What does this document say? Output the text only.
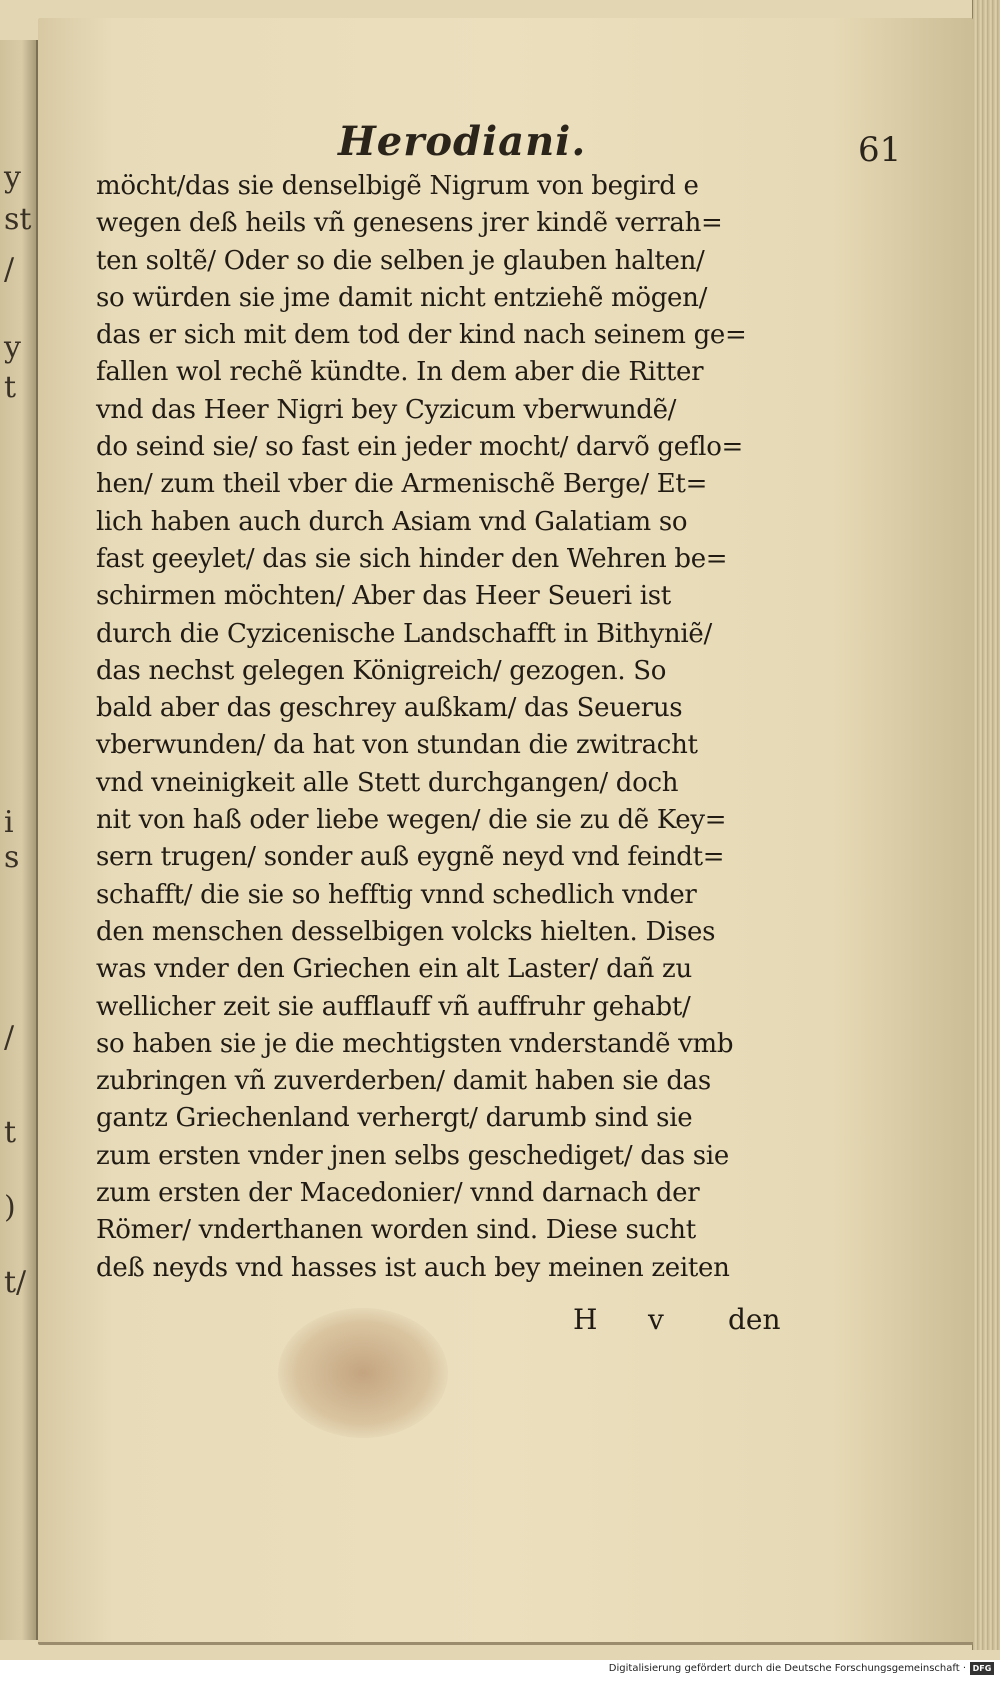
y
st
/
y
t
i
s
/
t
)
t/
Herodiani.	61
möcht/das sie denselbigẽ Nigrum von begird e
wegen deß heils vñ genesens jrer kindẽ verrah=
ten soltẽ/ Oder so die selben je glauben halten/
so würden sie jme damit nicht entziehẽ mögen/
das er sich mit dem tod der kind nach seinem ge=
fallen wol rechẽ kündte. In dem aber die Ritter
vnd das Heer Nigri bey Cyzicum vberwundẽ/
do seind sie/ so fast ein jeder mocht/ darvõ geflo=
hen/ zum theil vber die Armenischẽ Berge/ Et=
lich haben auch durch Asiam vnd Galatiam so
fast geeylet/ das sie sich hinder den Wehren be=
schirmen möchten/ Aber das Heer Seueri ist
durch die Cyzicenische Landschafft in Bithyniẽ/
das nechst gelegen Königreich/ gezogen. So
bald aber das geschrey außkam/ das Seuerus
vberwunden/ da hat von stundan die zwitracht
vnd vneinigkeit alle Stett durchgangen/ doch
nit von haß oder liebe wegen/ die sie zu dẽ Key=
sern trugen/ sonder auß eygnẽ neyd vnd feindt=
schafft/ die sie so hefftig vnnd schedlich vnder
den menschen desselbigen volcks hielten. Dises
was vnder den Griechen ein alt Laster/ dañ zu
wellicher zeit sie aufflauff vñ auffruhr gehabt/
so haben sie je die mechtigsten vnderstandẽ vmb
zubringen vñ zuverderben/ damit haben sie das
gantz Griechenland verhergt/ darumb sind sie
zum ersten vnder jnen selbs geschediget/ das sie
zum ersten der Macedonier/ vnnd darnach der
Römer/ vnderthanen worden sind. Diese sucht
deß neyds vnd hasses ist auch bey meinen zeiten
H v den
Digitalisierung gefördert durch die Deutsche Forschungsgemeinschaft · DFG
